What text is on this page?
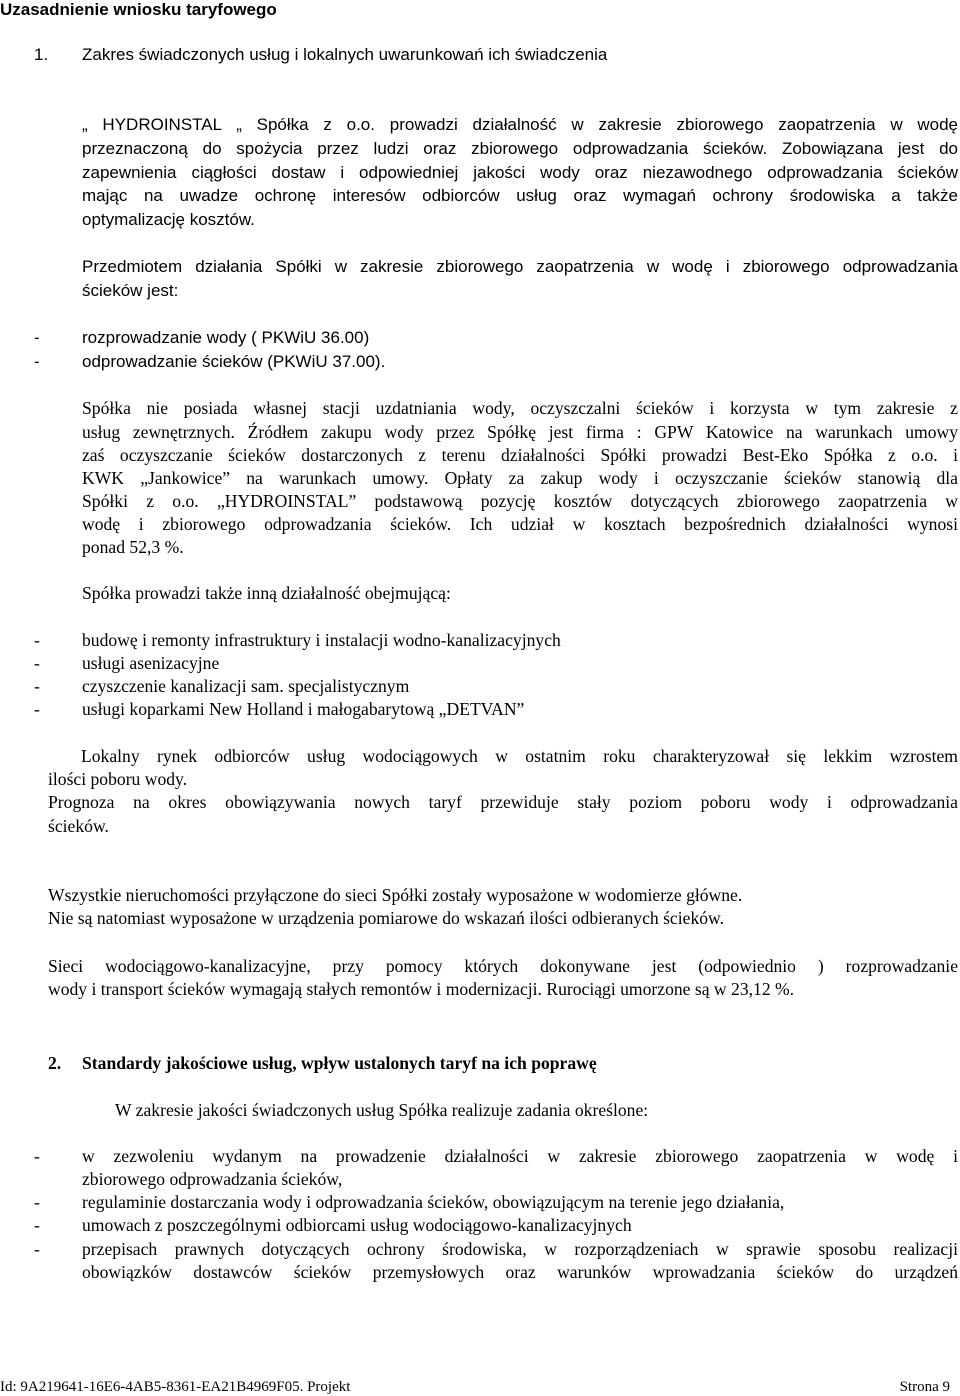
Uzasadnienie wniosku taryfowego
1. Zakres świadczonych usług i lokalnych uwarunkowań ich świadczenia
„ HYDROINSTAL „ Spółka z o.o. prowadzi działalność w zakresie zbiorowego zaopatrzenia w wodę
przeznaczoną do spożycia przez ludzi oraz zbiorowego odprowadzania ścieków. Zobowiązana jest do
zapewnienia ciągłości dostaw i odpowiedniej jakości wody oraz niezawodnego odprowadzania ścieków
mając na uwadze ochronę interesów odbiorców usług oraz wymagań ochrony środowiska a także
optymalizację kosztów.
Przedmiotem działania Spółki w zakresie zbiorowego zaopatrzenia w wodę i zbiorowego odprowadzania
ścieków jest:
- rozprowadzanie wody ( PKWiU 36.00)
- odprowadzanie ścieków (PKWiU 37.00).
Spółka nie posiada własnej stacji uzdatniania wody, oczyszczalni ścieków i korzysta w tym zakresie z
usług zewnętrznych. Źródłem zakupu wody przez Spółkę jest firma : GPW Katowice na warunkach umowy
zaś oczyszczanie ścieków dostarczonych z terenu działalności Spółki prowadzi Best-Eko Spółka z o.o. i
KWK „Jankowice” na warunkach umowy. Opłaty za zakup wody i oczyszczanie ścieków stanowią dla
Spółki z o.o. „HYDROINSTAL” podstawową pozycję kosztów dotyczących zbiorowego zaopatrzenia w
wodę i zbiorowego odprowadzania ścieków. Ich udział w kosztach bezpośrednich działalności wynosi
ponad 52,3 %.
Spółka prowadzi także inną działalność obejmującą:
- budowę i remonty infrastruktury i instalacji wodno-kanalizacyjnych
- usługi asenizacyjne
- czyszczenie kanalizacji sam. specjalistycznym
- usługi koparkami New Holland i małogabarytową „DETVAN”
Lokalny rynek odbiorców usług wodociągowych w ostatnim roku charakteryzował się lekkim wzrostem
ilości poboru wody.
Prognoza na okres obowiązywania nowych taryf przewiduje stały poziom poboru wody i odprowadzania
ścieków.
Wszystkie nieruchomości przyłączone do sieci Spółki zostały wyposażone w wodomierze główne.
Nie są natomiast wyposażone w urządzenia pomiarowe do wskazań ilości odbieranych ścieków.
Sieci wodociągowo-kanalizacyjne, przy pomocy których dokonywane jest (odpowiednio ) rozprowadzanie
wody i transport ścieków wymagają stałych remontów i modernizacji. Rurociągi umorzone są w 23,12 %.
2. Standardy jakościowe usług, wpływ ustalonych taryf na ich poprawę
W zakresie jakości świadczonych usług Spółka realizuje zadania określone:
- w zezwoleniu wydanym na prowadzenie działalności w zakresie zbiorowego zaopatrzenia w wodę i
zbiorowego odprowadzania ścieków,
- regulaminie dostarczania wody i odprowadzania ścieków, obowiązującym na terenie jego działania,
- umowach z poszczególnymi odbiorcami usług wodociągowo-kanalizacyjnych
- przepisach prawnych dotyczących ochrony środowiska, w rozporządzeniach w sprawie sposobu realizacji
obowiązków dostawców ścieków przemysłowych oraz warunków wprowadzania ścieków do urządzeń
Id: 9A219641-16E6-4AB5-8361-EA21B4969F05. Projekt	Strona 9
